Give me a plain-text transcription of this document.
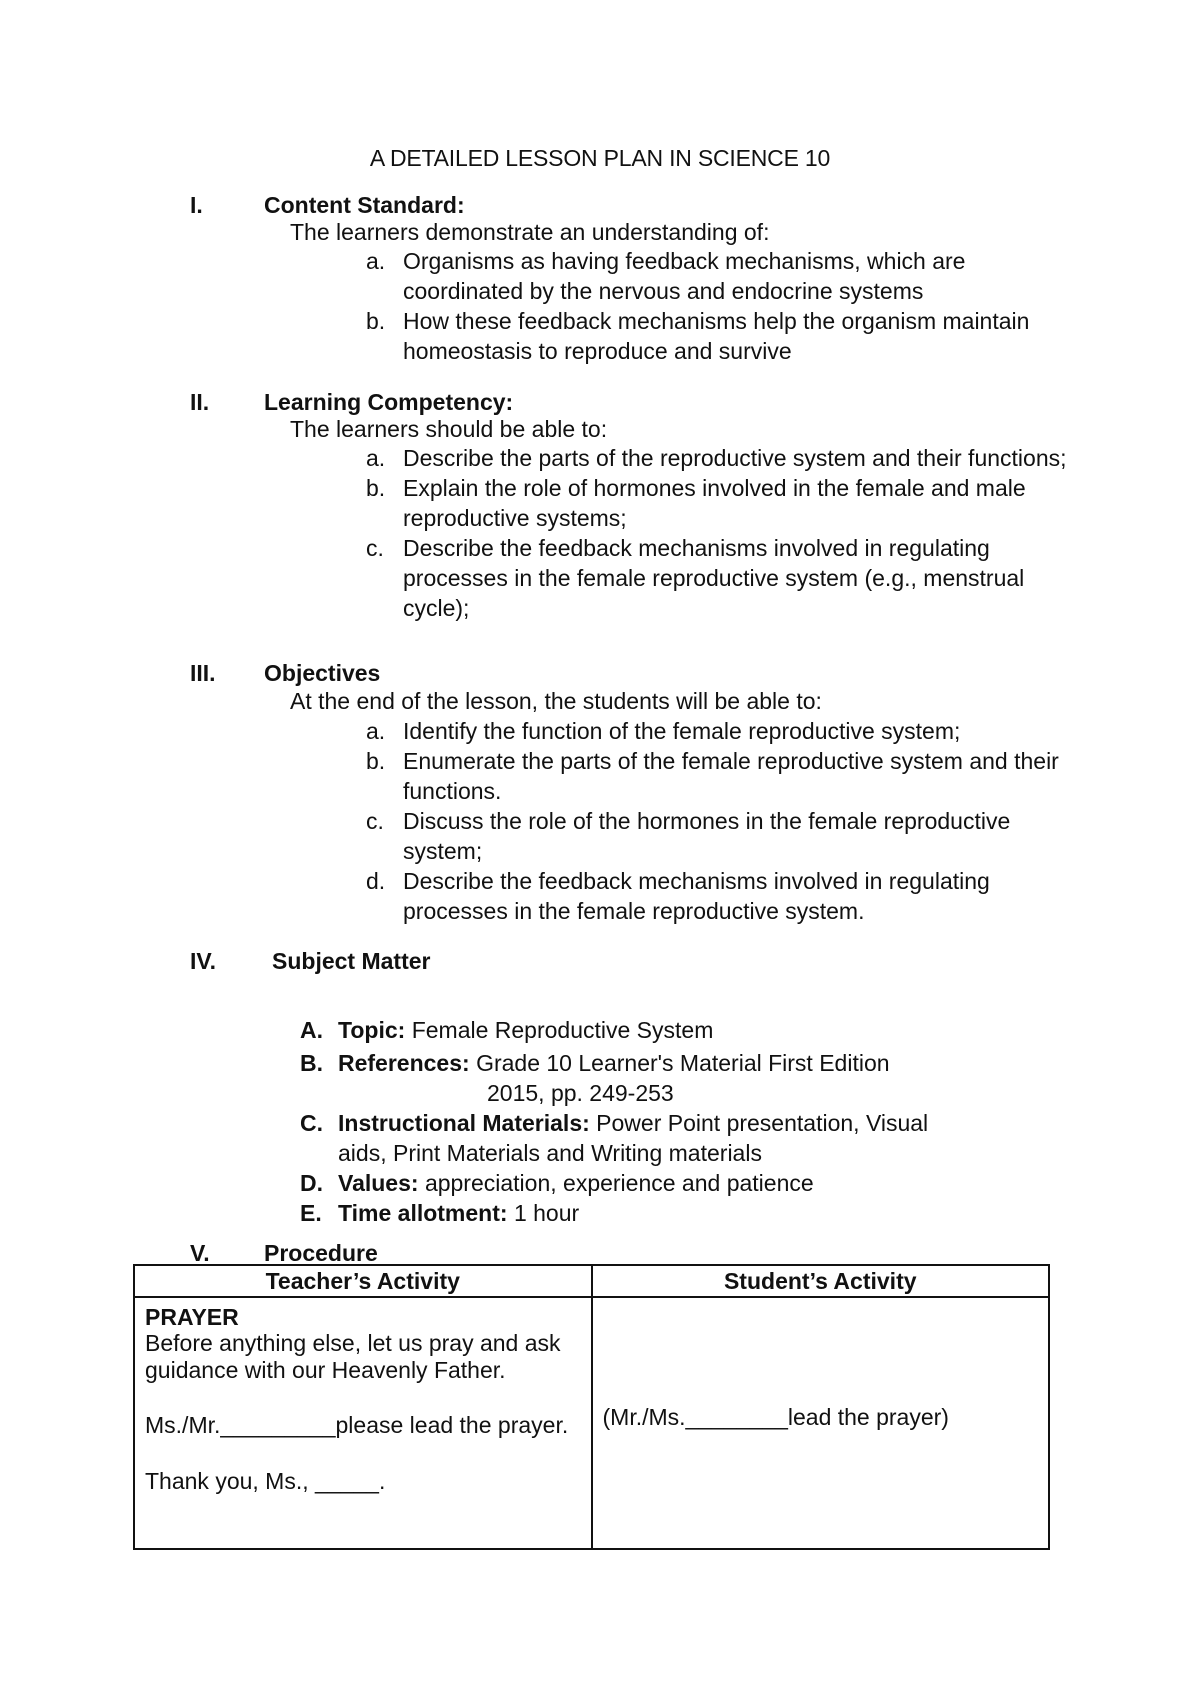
A DETAILED LESSON PLAN IN SCIENCE 10
I.	Content Standard:
The learners demonstrate an understanding of:
a. Organisms as having feedback mechanisms, which are coordinated by the nervous and endocrine systems
b. How these feedback mechanisms help the organism maintain homeostasis to reproduce and survive
II. Learning Competency:
The learners should be able to:
a. Describe the parts of the reproductive system and their functions;
b. Explain the role of hormones involved in the female and male reproductive systems;
c. Describe the feedback mechanisms involved in regulating processes in the female reproductive system (e.g., menstrual cycle);
III. Objectives
At the end of the lesson, the students will be able to:
a. Identify the function of the female reproductive system;
b. Enumerate the parts of the female reproductive system and their functions.
c. Discuss the role of the hormones in the female reproductive system;
d. Describe the feedback mechanisms involved in regulating processes in the female reproductive system.
IV. Subject Matter
A. Topic: Female Reproductive System
B. References: Grade 10 Learner's Material First Edition
2015, pp. 249-253
C. Instructional Materials: Power Point presentation, Visual aids, Print Materials and Writing materials
D. Values: appreciation, experience and patience
E. Time allotment: 1 hour
V. Procedure
Teacher’s Activity	Student’s Activity

PRAYER
Before anything else, let us pray and ask guidance with our Heavenly Father.
Ms./Mr._________please lead the prayer.
Thank you, Ms., _____.	(Mr./Ms.________lead the prayer)
